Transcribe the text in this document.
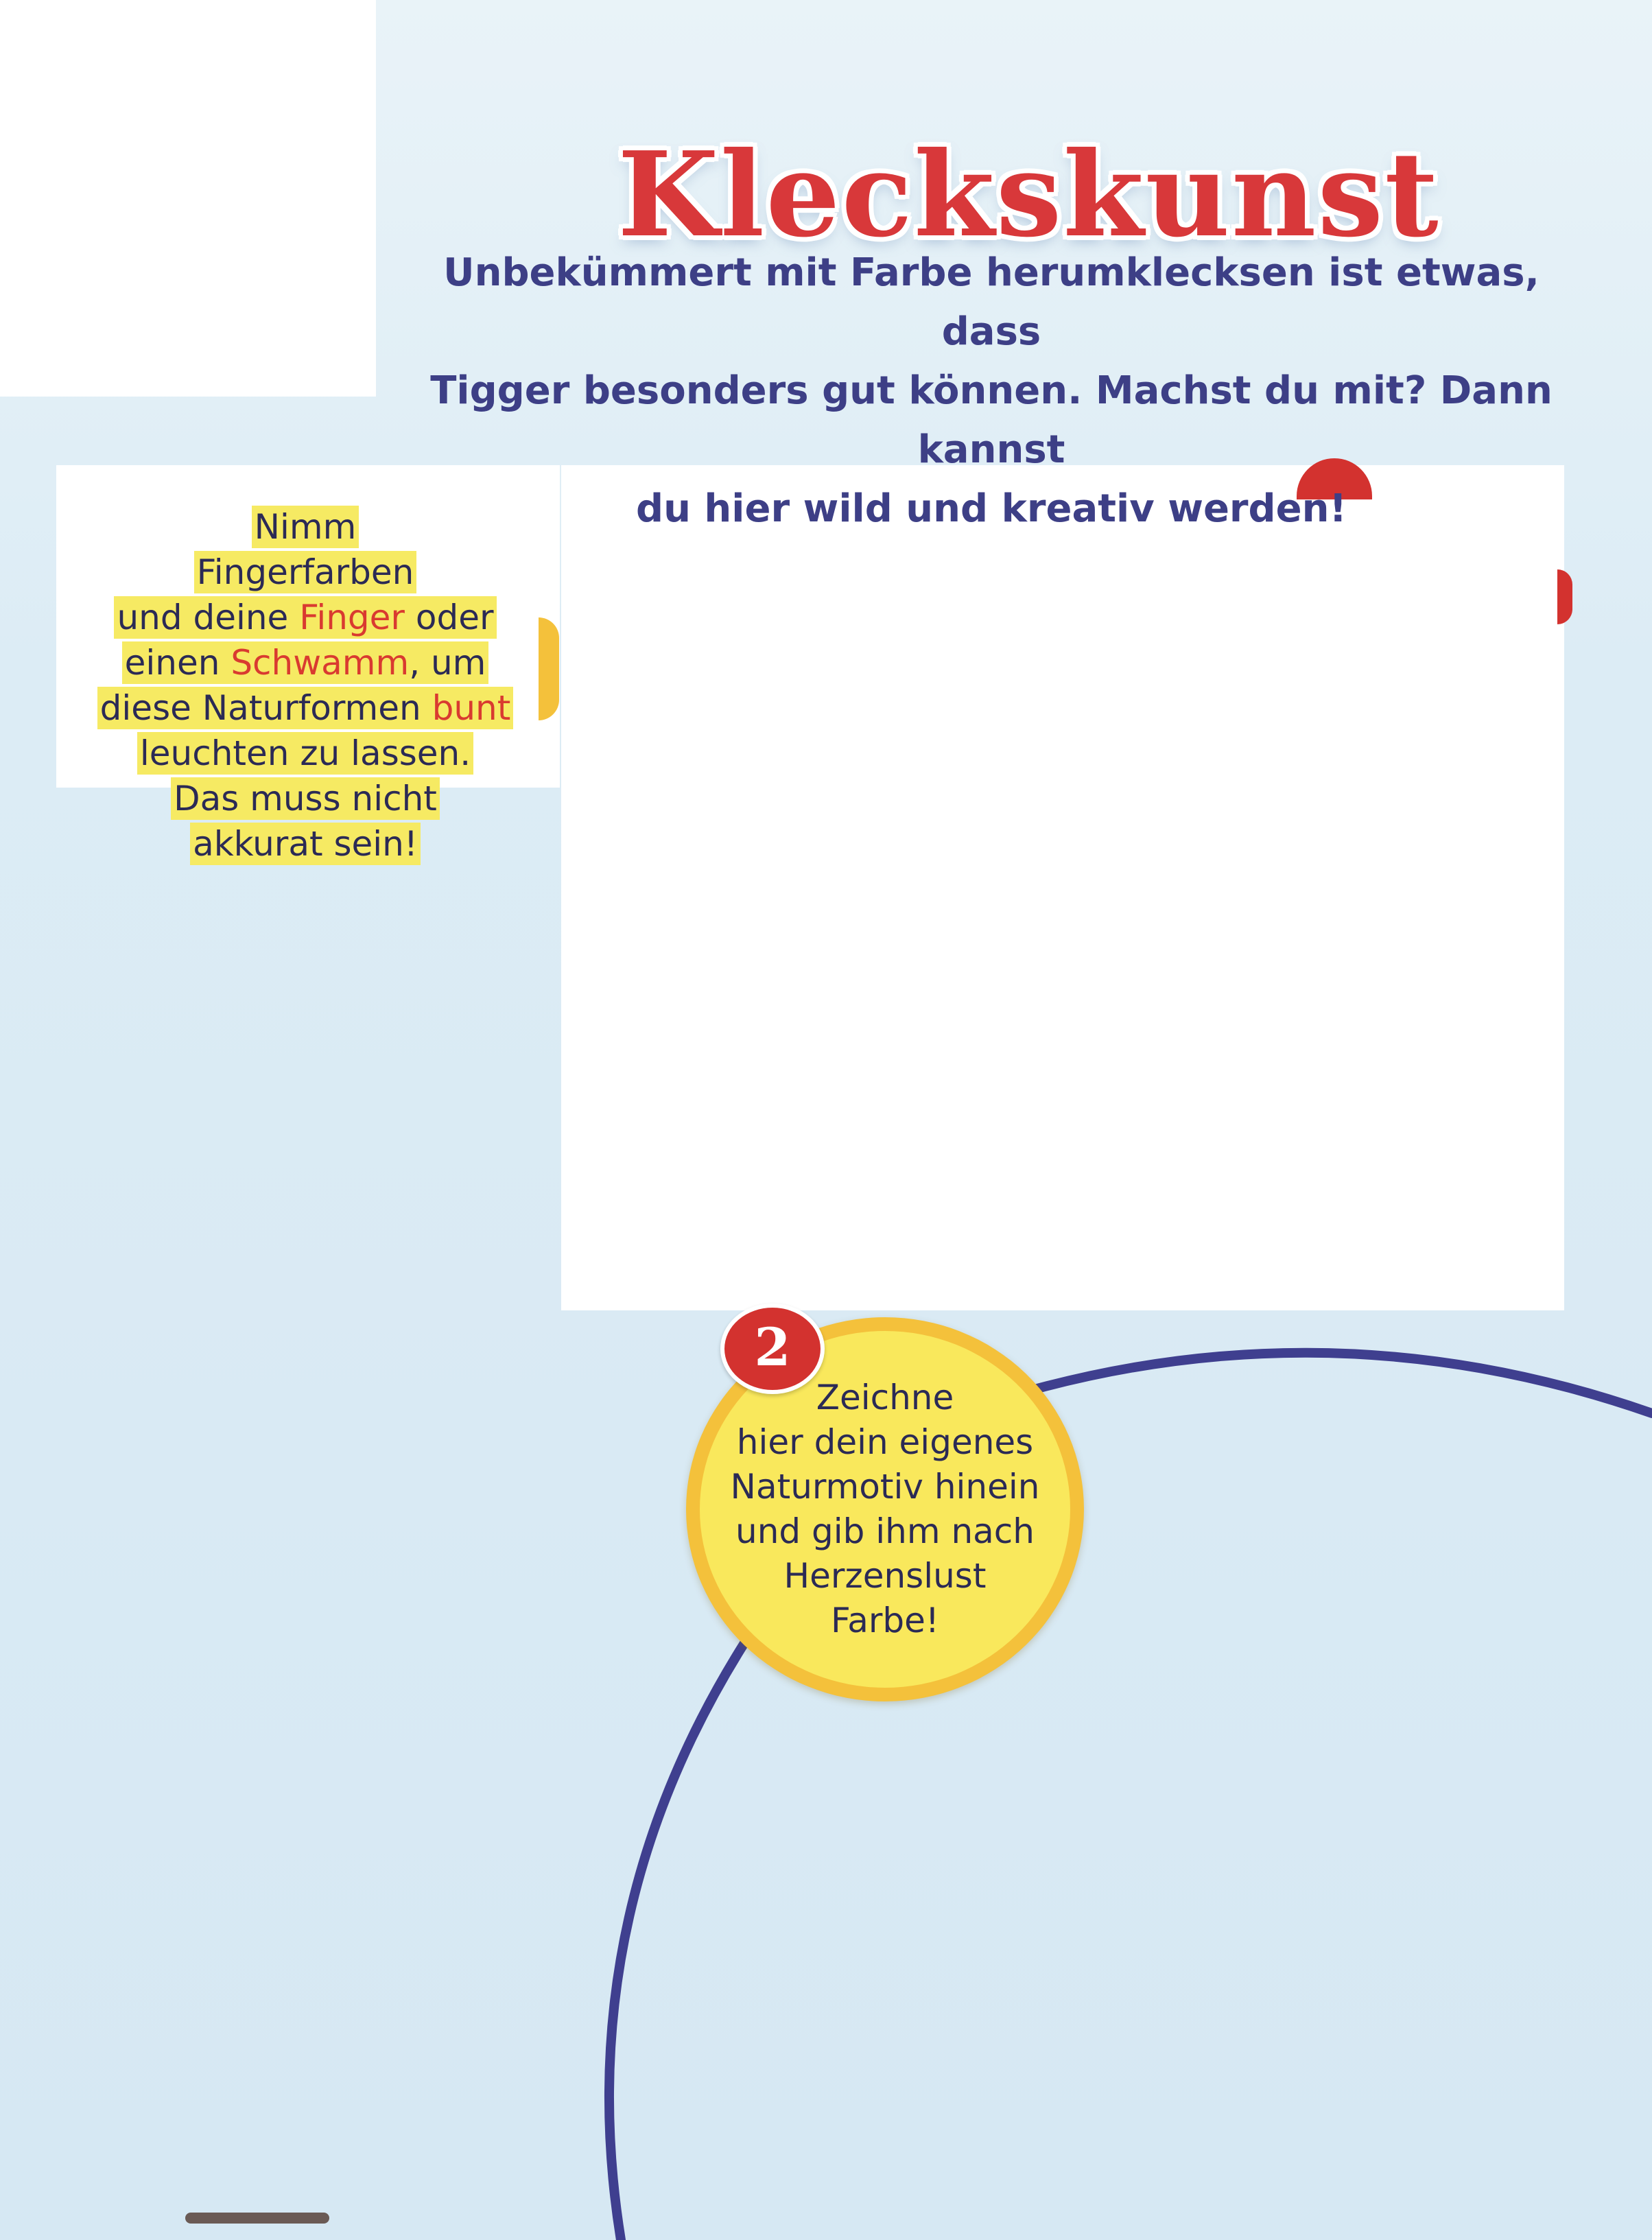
Kleckskunst
Unbekümmert mit Farbe herumklecksen ist etwas, dass
Tigger besonders gut können. Machst du mit? Dann kannst
du hier wild und kreativ werden!
Nimm
Fingerfarben
und deine Finger oder
einen Schwamm, um
diese Naturformen bunt
leuchten zu lassen.
Das muss nicht
akkurat sein!
2
Zeichne
hier dein eigenes
Naturmotiv hinein
und gib ihm nach
Herzenslust
Farbe!
